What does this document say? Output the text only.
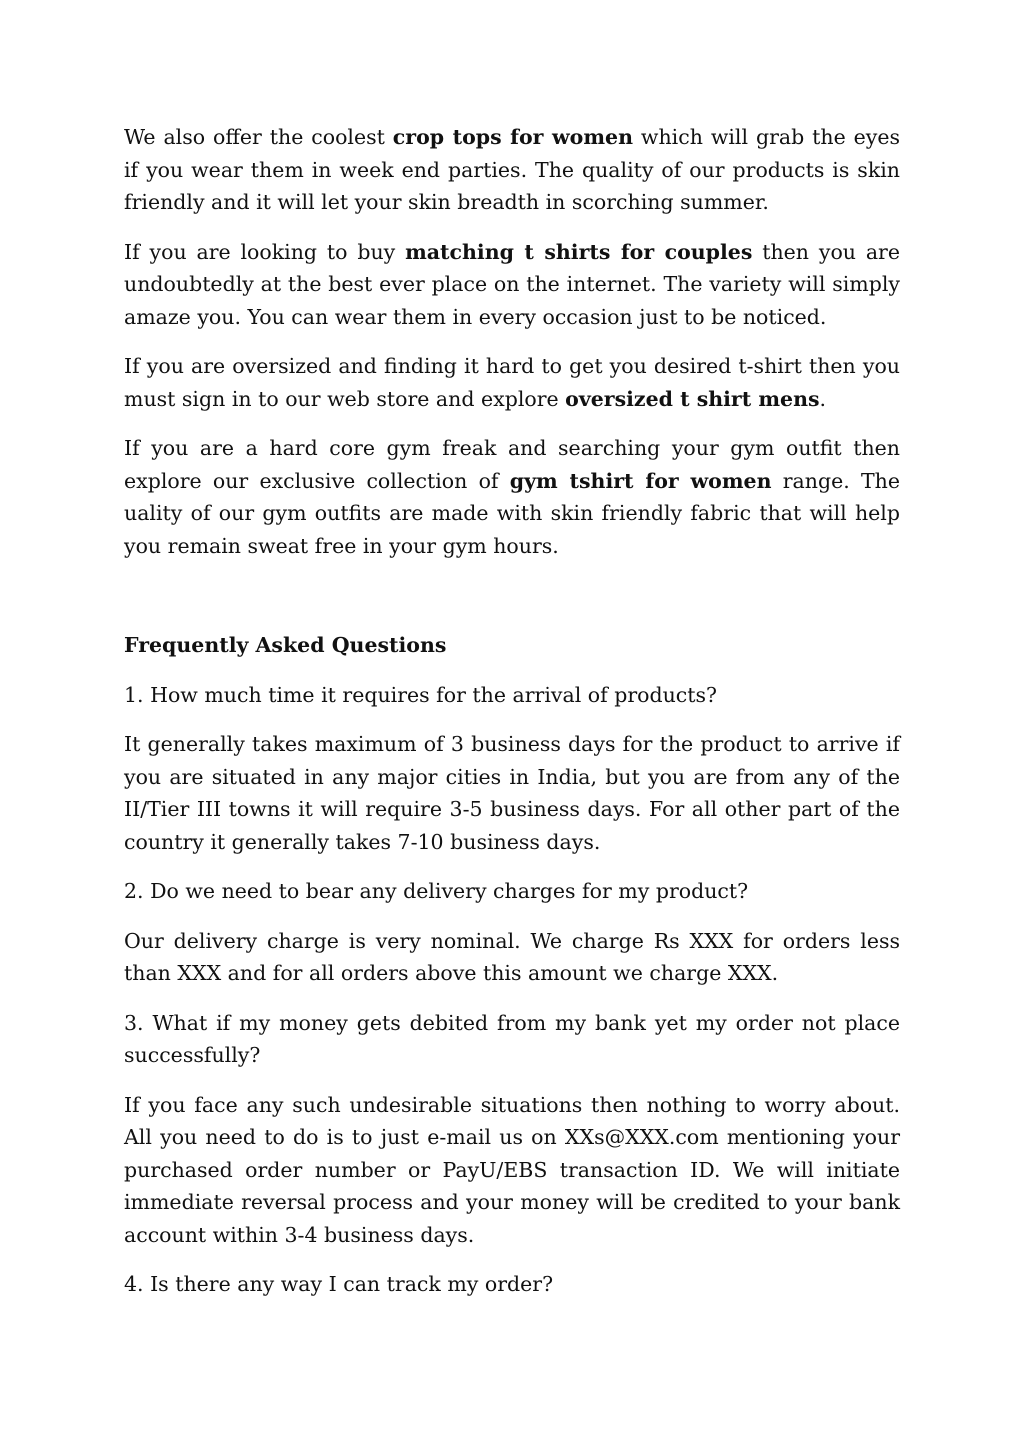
We also offer the coolest crop tops for women which will grab the eyes if you wear them in week end parties. The quality of our products is skin friendly and it will let your skin breadth in scorching summer.

If you are looking to buy matching t shirts for couples then you are undoubtedly at the best ever place on the internet. The variety will simply amaze you. You can wear them in every occasion just to be noticed.

If you are oversized and finding it hard to get you desired t-shirt then you must sign in to our web store and explore oversized t shirt mens.

If you are a hard core gym freak and searching your gym outfit then explore our exclusive collection of gym tshirt for women range. The uality of our gym outfits are made with skin friendly fabric that will help you remain sweat free in your gym hours.

Frequently Asked Questions

1. How much time it requires for the arrival of products?

It generally takes maximum of 3 business days for the product to arrive if you are situated in any major cities in India, but you are from any of the II/Tier III towns it will require 3-5 business days. For all other part of the country it generally takes 7-10 business days.

2. Do we need to bear any delivery charges for my product?

Our delivery charge is very nominal. We charge Rs XXX for orders less than XXX and for all orders above this amount we charge XXX.

3. What if my money gets debited from my bank yet my order not place successfully?

If you face any such undesirable situations then nothing to worry about. All you need to do is to just e-mail us on XXs@XXX.com mentioning your purchased order number or PayU/EBS transaction ID. We will initiate immediate reversal process and your money will be credited to your bank account within 3-4 business days.

4. Is there any way I can track my order?
